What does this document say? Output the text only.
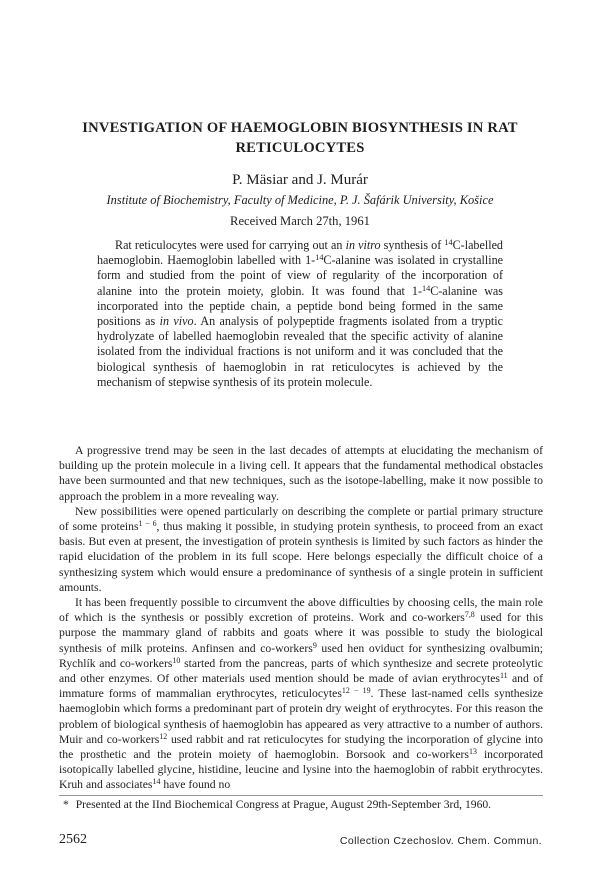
INVESTIGATION OF HAEMOGLOBIN BIOSYNTHESIS IN RAT RETICULOCYTES
P. Mäsiar and J. Murár
Institute of Biochemistry, Faculty of Medicine, P. J. Šafárik University, Košice
Received March 27th, 1961

Rat reticulocytes were used for carrying out an in vitro synthesis of $^{14}$C-labelled haemoglobin. Haemoglobin labelled with 1-$^{14}$C-alanine was isolated in crystalline form and studied from the point of view of regularity of the incorporation of alanine into the protein moiety, globin. It was found that 1-$^{14}$C-alanine was incorporated into the peptide chain, a peptide bond being formed in the same positions as in vivo. An analysis of polypeptide fragments isolated from a tryptic hydrolyzate of labelled haemoglobin revealed that the specific activity of alanine isolated from the individual fractions is not uniform and it was concluded that the biological synthesis of haemoglobin in rat reticulocytes is achieved by the mechanism of stepwise synthesis of its protein molecule.

A progressive trend may be seen in the last decades of attempts at elucidating the mechanism of building up the protein molecule in a living cell. It appears that the fundamental methodical obstacles have been surmounted and that new techniques, such as the isotope-labelling, make it now possible to approach the problem in a more revealing way.

New possibilities were opened particularly on describing the complete or partial primary structure of some proteins$^{1 - 6}$, thus making it possible, in studying protein synthesis, to proceed from an exact basis. But even at present, the investigation of protein synthesis is limited by such factors as hinder the rapid elucidation of the problem in its full scope. Here belongs especially the difficult choice of a synthesizing system which would ensure a predominance of synthesis of a single protein in sufficient amounts.

It has been frequently possible to circumvent the above difficulties by choosing cells, the main role of which is the synthesis or possibly excretion of proteins. Work and co-workers$^{7,8}$ used for this purpose the mammary gland of rabbits and goats where it was possible to study the biological synthesis of milk proteins. Anfinsen and co-workers$^9$ used hen oviduct for synthesizing ovalbumin; Rychlík and co-workers$^{10}$ started from the pancreas, parts of which synthesize and secrete proteolytic and other enzymes. Of other materials used mention should be made of avian erythrocytes$^{11}$ and of immature forms of mammalian erythrocytes, reticulocytes$^{12 - 19}$. These last-named cells synthesize haemoglobin which forms a predominant part of protein dry weight of erythrocytes. For this reason the problem of biological synthesis of haemoglobin has appeared as very attractive to a number of authors. Muir and co-workers$^{12}$ used rabbit and rat reticulocytes for studying the incorporation of glycine into the prosthetic and the protein moiety of haemoglobin. Borsook and co-workers$^{13}$ incorporated isotopically labelled glycine, histidine, leucine and lysine into the haemoglobin of rabbit erythrocytes. Kruh and associates$^{14}$ have found no

* Presented at the IInd Biochemical Congress at Prague, August 29th-September 3rd, 1960.
2562	Collection Czechoslov. Chem. Commun.
